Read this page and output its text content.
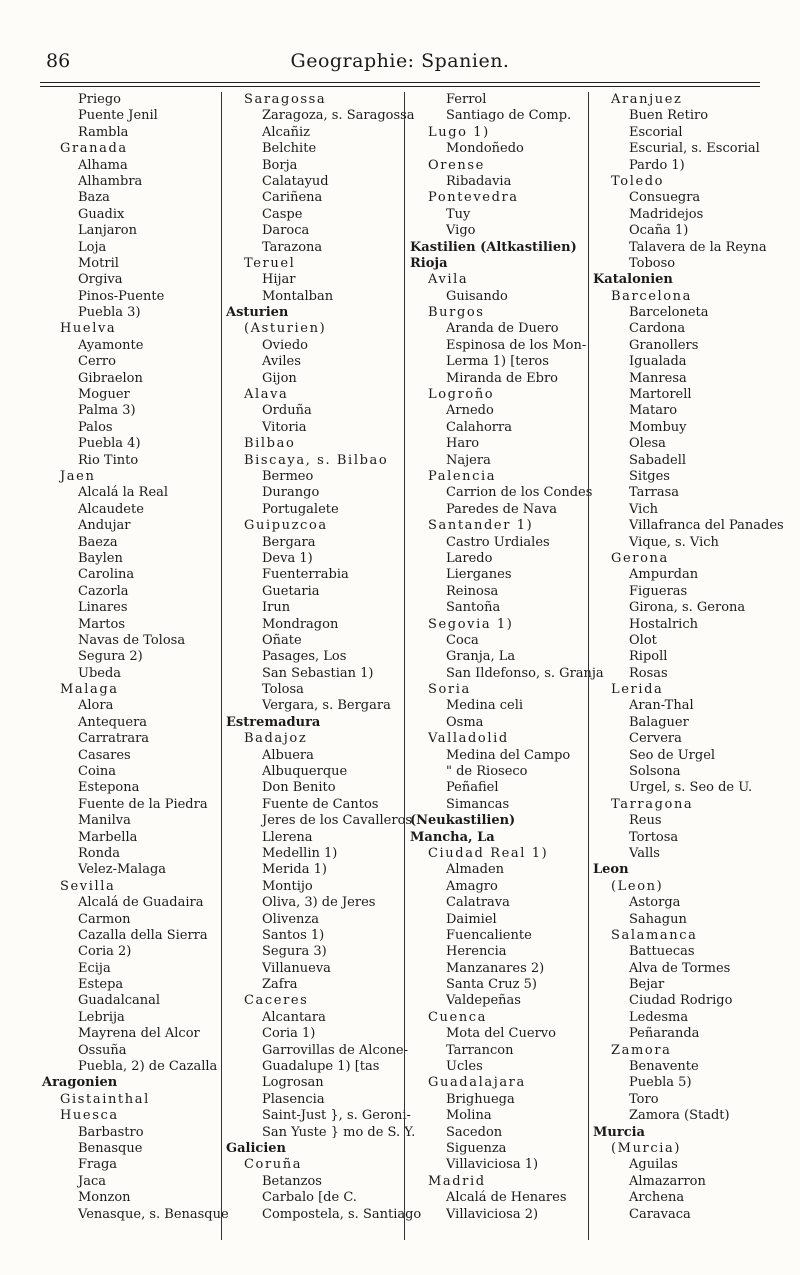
86	Geographie: Spanien.
Priego
Puente Jenil
Rambla
Granada
Alhama
Alhambra
Baza
Guadix
Lanjaron
Loja
Motril
Orgiva
Pinos-Puente
Puebla 3)
Huelva
Ayamonte
Cerro
Gibraelon
Moguer
Palma 3)
Palos
Puebla 4)
Rio Tinto
Jaen
Alcalá la Real
Alcaudete
Andujar
Baeza
Baylen
Carolina
Cazorla
Linares
Martos
Navas de Tolosa
Segura 2)
Ubeda
Malaga
Alora
Antequera
Carratrara
Casares
Coina
Estepona
Fuente de la Piedra
Manilva
Marbella
Ronda
Velez-Malaga
Sevilla
Alcalá de Guadaira
Carmon
Cazalla della Sierra
Coria 2)
Ecija
Estepa
Guadalcanal
Lebrija
Mayrena del Alcor
Ossuña
Puebla, 2) de Cazalla
Aragonien
Gistainthal
Huesca
Barbastro
Benasque
Fraga
Jaca
Monzon
Venasque, s. Benasque
Saragossa
Zaragoza, s. Saragossa
Alcañiz
Belchite
Borja
Calatayud
Cariñena
Caspe
Daroca
Tarazona
Teruel
Hijar
Montalban
Asturien
(Asturien)
Oviedo
Aviles
Gijon
Alava
Orduña
Vitoria
Bilbao
Biscaya, s. Bilbao
Bermeo
Durango
Portugalete
Guipuzcoa
Bergara
Deva 1)
Fuenterrabia
Guetaria
Irun
Mondragon
Oñate
Pasages, Los
San Sebastian 1)
Tolosa
Vergara, s. Bergara
Estremadura
Badajoz
Albuera
Albuquerque
Don Benito
Fuente de Cantos
Jeres de los Cavalleros
Llerena
Medellin 1)
Merida 1)
Montijo
Oliva, 3) de Jeres
Olivenza
Santos 1)
Segura 3)
Villanueva
Zafra
Caceres
Alcantara
Coria 1)
Garrovillas de Alcone-
Guadalupe 1) [tas
Logrosan
Plasencia
Saint-Just }, s. Geroni-
San Yuste } mo de S. Y.
Galicien
Coruña
Betanzos
Carbalo [de C.
Compostela, s. Santiago
Ferrol
Santiago de Comp.
Lugo 1)
Mondoñedo
Orense
Ribadavia
Pontevedra
Tuy
Vigo
Kastilien (Altkastilien)
Rioja
Avila
Guisando
Burgos
Aranda de Duero
Espinosa de los Mon-
Lerma 1) [teros
Miranda de Ebro
Logroño
Arnedo
Calahorra
Haro
Najera
Palencia
Carrion de los Condes
Paredes de Nava
Santander 1)
Castro Urdiales
Laredo
Lierganes
Reinosa
Santoña
Segovia 1)
Coca
Granja, La
San Ildefonso, s. Granja
Soria
Medina celi
Osma
Valladolid
Medina del Campo
" de Rioseco
Peñafiel
Simancas
(Neukastilien)
Mancha, La
Ciudad Real 1)
Almaden
Amagro
Calatrava
Daimiel
Fuencaliente
Herencia
Manzanares 2)
Santa Cruz 5)
Valdepeñas
Cuenca
Mota del Cuervo
Tarrancon
Ucles
Guadalajara
Brighuega
Molina
Sacedon
Siguenza
Villaviciosa 1)
Madrid
Alcalá de Henares
Villaviciosa 2)
Aranjuez
Buen Retiro
Escorial
Escurial, s. Escorial
Pardo 1)
Toledo
Consuegra
Madridejos
Ocaña 1)
Talavera de la Reyna
Toboso
Katalonien
Barcelona
Barceloneta
Cardona
Granollers
Igualada
Manresa
Martorell
Mataro
Mombuy
Olesa
Sabadell
Sitges
Tarrasa
Vich
Villafranca del Panades
Vique, s. Vich
Gerona
Ampurdan
Figueras
Girona, s. Gerona
Hostalrich
Olot
Ripoll
Rosas
Lerida
Aran-Thal
Balaguer
Cervera
Seo de Urgel
Solsona
Urgel, s. Seo de U.
Tarragona
Reus
Tortosa
Valls
Leon
(Leon)
Astorga
Sahagun
Salamanca
Battuecas
Alva de Tormes
Bejar
Ciudad Rodrigo
Ledesma
Peñaranda
Zamora
Benavente
Puebla 5)
Toro
Zamora (Stadt)
Murcia
(Murcia)
Aguilas
Almazarron
Archena
Caravaca
